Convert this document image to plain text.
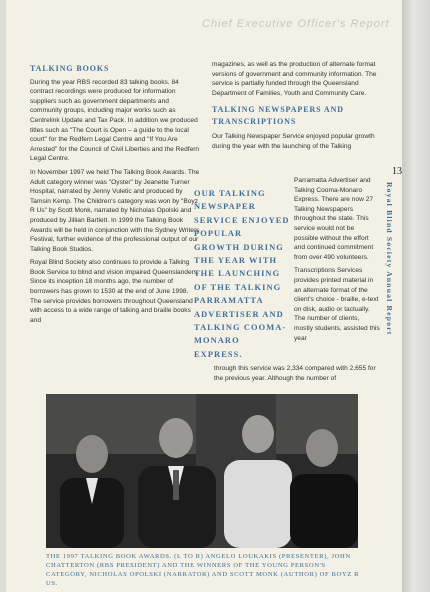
Chief Executive Officer's Report
TALKING BOOKS

During the year RBS recorded 83 talking books. 84 contract recordings were produced for information suppliers such as government departments and community groups, including major works such as Centrelink Update and Tax Pack. In addition we produced titles such as "The Court is Open – a guide to the local court" for the Redfern Legal Centre and "If You Are Arrested" for the Council of Civil Liberties and the Redfern Legal Centre.

In November 1997 we held The Talking Book Awards. The Adult category winner was "Oyster" by Jeanette Turner Hospital, narrated by Jenny Vuletic and produced by Tamsin Kemp. The Children's category was won by "Boyz R Us" by Scott Monk, narrated by Nicholas Opolski and produced by Jillian Bartlett. In 1999 the Talking Book Awards will be held in conjunction with the Sydney Writers Festival, further evidence of the professional output of our Talking Book Studios.

Royal Blind Society also continues to provide a Talking Book Service to blind and vision impaired Queenslanders. Since its inception 18 months ago, the number of borrowers has grown to 1530 at the end of June 1998. The service provides borrowers throughout Queensland with access to a wide range of talking and braille books and

magazines, as well as the production of alternate format versions of government and community information. The service is partially funded through the Queensland Department of Families, Youth and Community Care.

TALKING NEWSPAPERS AND TRANSCRIPTIONS

Our Talking Newspaper Service enjoyed popular growth during the year with the launching of the Talking

OUR TALKING NEWSPAPER SERVICE ENJOYED POPULAR GROWTH DURING THE YEAR WITH THE LAUNCHING OF THE TALKING PARRAMATTA ADVERTISER AND TALKING COOMA-MONARO EXPRESS.

Parramatta Advertiser and Talking Cooma-Monaro Express. There are now 27 Talking Newspapers throughout the state. This service would not be possible without the effort and continued commitment from over 490 volunteers.

Transcriptions Services provides printed material in an alternate format of the client's choice - braille, e-text on disk, audio or tactually. The number of clients, mostly students, assisted this year

through this service was 2,334 compared with 2,655 for the previous year. Although the number of

THE 1997 TALKING BOOK AWARDS. (L TO R) ANGELO LOUKAKIS (PRESENTER), JOHN CHATTERTON (RBS PRESIDENT) AND THE WINNERS OF THE YOUNG PERSON'S CATEGORY, NICHOLAS OPOLSKI (NARRATOR) AND SCOTT MONK (AUTHOR) OF BOYZ R US.
13
Royal Blind Society Annual Report
